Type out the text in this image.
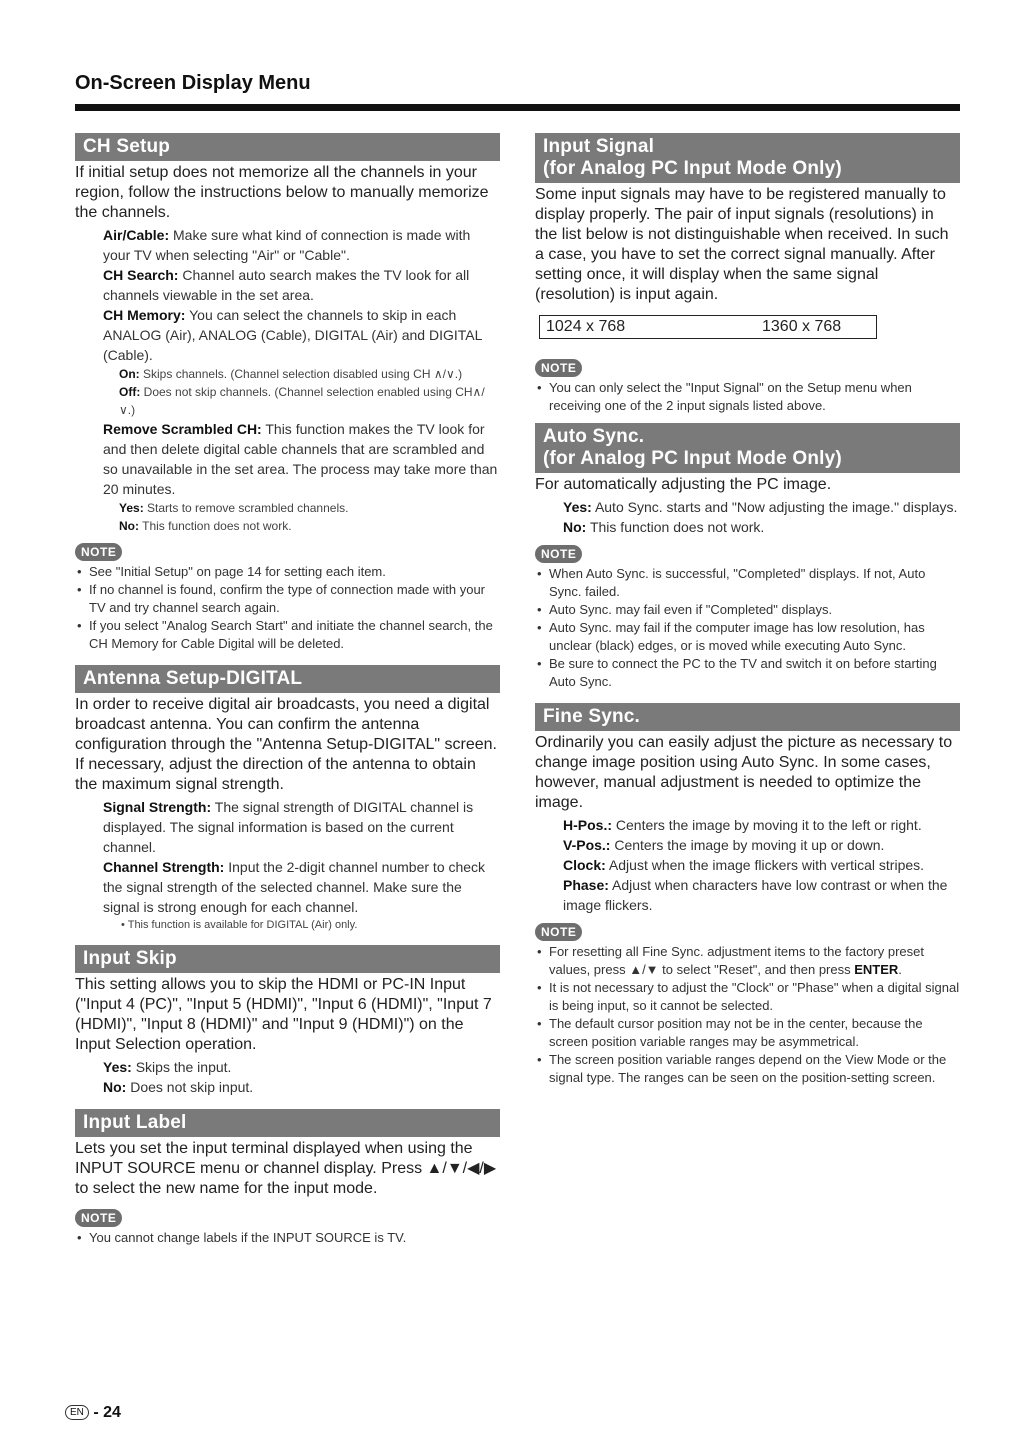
On-Screen Display Menu
CH Setup
If initial setup does not memorize all the channels in your region, follow the instructions below to manually memorize the channels.
Air/Cable: Make sure what kind of connection is made with your TV when selecting "Air" or "Cable".
CH Search: Channel auto search makes the TV look for all channels viewable in the set area.
CH Memory: You can select the channels to skip in each ANALOG (Air), ANALOG (Cable), DIGITAL (Air) and DIGITAL (Cable).
On: Skips channels. (Channel selection disabled using CH ∧/∨.)
Off: Does not skip channels. (Channel selection enabled using CH∧/∨.)
Remove Scrambled CH: This function makes the TV look for and then delete digital cable channels that are scrambled and so unavailable in the set area. The process may take more than 20 minutes.
Yes: Starts to remove scrambled channels.
No: This function does not work.
NOTE
• See "Initial Setup" on page 14 for setting each item.
• If no channel is found, confirm the type of connection made with your TV and try channel search again.
• If you select "Analog Search Start" and initiate the channel search, the CH Memory for Cable Digital will be deleted.
Antenna Setup-DIGITAL
In order to receive digital air broadcasts, you need a digital broadcast antenna. You can confirm the antenna configuration through the "Antenna Setup-DIGITAL" screen. If necessary, adjust the direction of the antenna to obtain the maximum signal strength.
Signal Strength: The signal strength of DIGITAL channel is displayed. The signal information is based on the current channel.
Channel Strength: Input the 2-digit channel number to check the signal strength of the selected channel. Make sure the signal is strong enough for each channel.
• This function is available for DIGITAL (Air) only.
Input Skip
This setting allows you to skip the HDMI or PC-IN Input ("Input 4 (PC)", "Input 5 (HDMI)", "Input 6 (HDMI)", "Input 7 (HDMI)", "Input 8 (HDMI)" and "Input 9 (HDMI)") on the Input Selection operation.
Yes: Skips the input.
No: Does not skip input.
Input Label
Lets you set the input terminal displayed when using the INPUT SOURCE menu or channel display. Press ▲/▼/◀/▶ to select the new name for the input mode.
NOTE
• You cannot change labels if the INPUT SOURCE is TV.
Input Signal
(for Analog PC Input Mode Only)
Some input signals may have to be registered manually to display properly. The pair of input signals (resolutions) in the list below is not distinguishable when received. In such a case, you have to set the correct signal manually. After setting once, it will display when the same signal (resolution) is input again.
1024 x 768	1360 x 768
NOTE
• You can only select the "Input Signal" on the Setup menu when receiving one of the 2 input signals listed above.
Auto Sync.
(for Analog PC Input Mode Only)
For automatically adjusting the PC image.
Yes: Auto Sync. starts and "Now adjusting the image." displays.
No: This function does not work.
NOTE
• When Auto Sync. is successful, "Completed" displays. If not, Auto Sync. failed.
• Auto Sync. may fail even if "Completed" displays.
• Auto Sync. may fail if the computer image has low resolution, has unclear (black) edges, or is moved while executing Auto Sync.
• Be sure to connect the PC to the TV and switch it on before starting Auto Sync.
Fine Sync.
Ordinarily you can easily adjust the picture as necessary to change image position using Auto Sync. In some cases, however, manual adjustment is needed to optimize the image.
H-Pos.: Centers the image by moving it to the left or right.
V-Pos.: Centers the image by moving it up or down.
Clock: Adjust when the image flickers with vertical stripes.
Phase: Adjust when characters have low contrast or when the image flickers.
NOTE
• For resetting all Fine Sync. adjustment items to the factory preset values, press ▲/▼ to select "Reset", and then press ENTER.
• It is not necessary to adjust the "Clock" or "Phase" when a digital signal is being input, so it cannot be selected.
• The default cursor position may not be in the center, because the screen position variable ranges may be asymmetrical.
• The screen position variable ranges depend on the View Mode or the signal type. The ranges can be seen on the position-setting screen.
EN - 24
